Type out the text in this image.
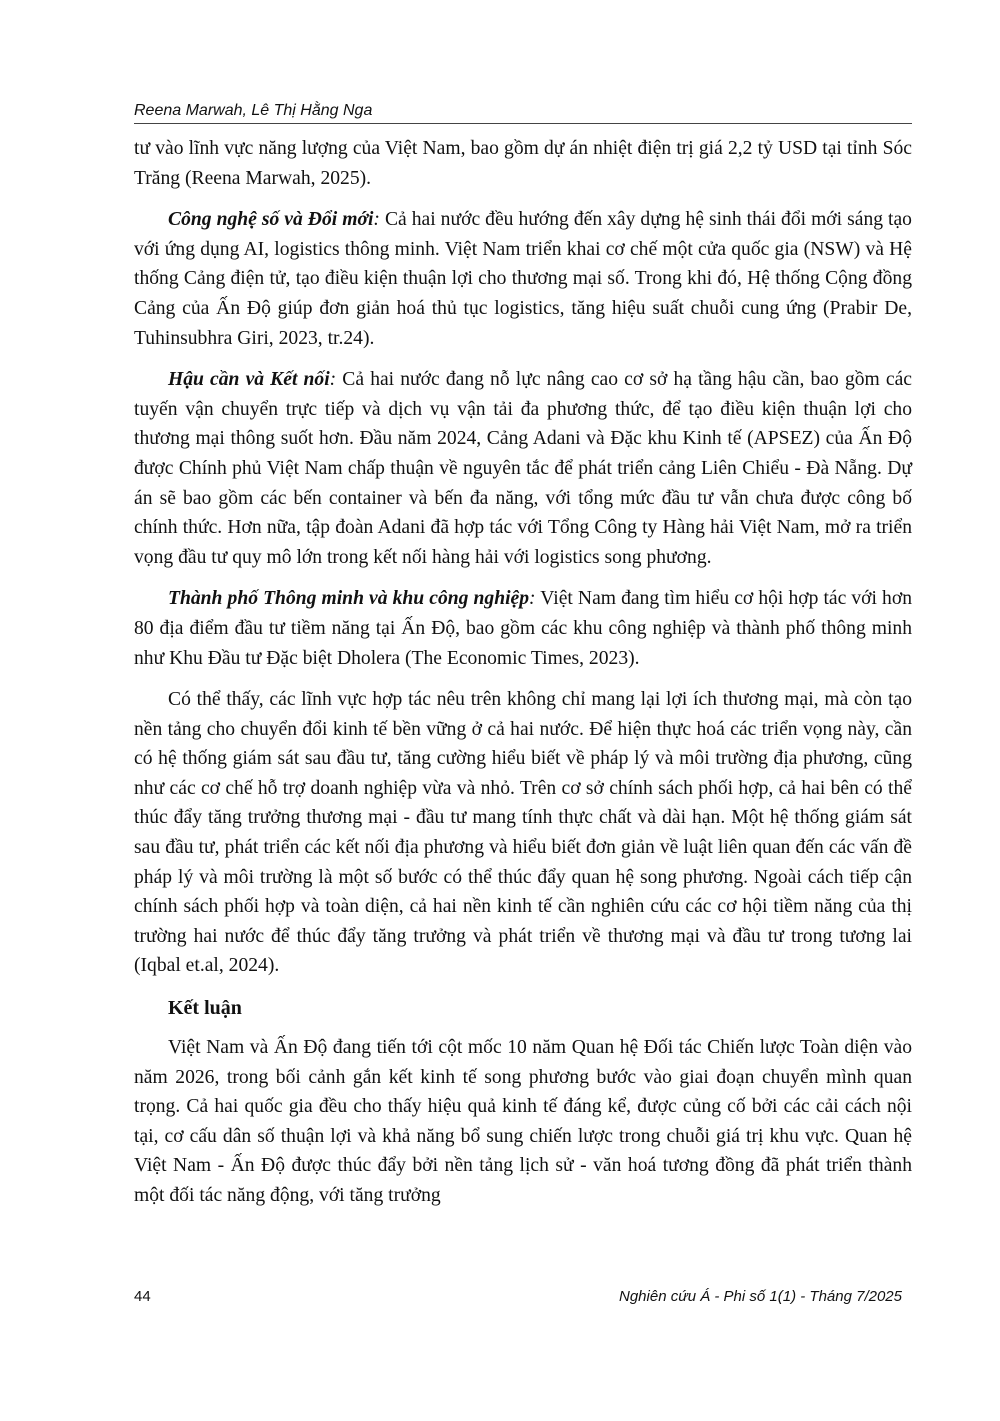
Reena Marwah, Lê Thị Hằng Nga

tư vào lĩnh vực năng lượng của Việt Nam, bao gồm dự án nhiệt điện trị giá 2,2 tỷ USD tại tỉnh Sóc Trăng (Reena Marwah, 2025).

Công nghệ số và Đổi mới: Cả hai nước đều hướng đến xây dựng hệ sinh thái đổi mới sáng tạo với ứng dụng AI, logistics thông minh. Việt Nam triển khai cơ chế một cửa quốc gia (NSW) và Hệ thống Cảng điện tử, tạo điều kiện thuận lợi cho thương mại số. Trong khi đó, Hệ thống Cộng đồng Cảng của Ấn Độ giúp đơn giản hoá thủ tục logistics, tăng hiệu suất chuỗi cung ứng (Prabir De, Tuhinsubhra Giri, 2023, tr.24).

Hậu cần và Kết nối: Cả hai nước đang nỗ lực nâng cao cơ sở hạ tầng hậu cần, bao gồm các tuyến vận chuyển trực tiếp và dịch vụ vận tải đa phương thức, để tạo điều kiện thuận lợi cho thương mại thông suốt hơn. Đầu năm 2024, Cảng Adani và Đặc khu Kinh tế (APSEZ) của Ấn Độ được Chính phủ Việt Nam chấp thuận về nguyên tắc để phát triển cảng Liên Chiểu - Đà Nẵng. Dự án sẽ bao gồm các bến container và bến đa năng, với tổng mức đầu tư vẫn chưa được công bố chính thức. Hơn nữa, tập đoàn Adani đã hợp tác với Tổng Công ty Hàng hải Việt Nam, mở ra triển vọng đầu tư quy mô lớn trong kết nối hàng hải với logistics song phương.

Thành phố Thông minh và khu công nghiệp: Việt Nam đang tìm hiểu cơ hội hợp tác với hơn 80 địa điểm đầu tư tiềm năng tại Ấn Độ, bao gồm các khu công nghiệp và thành phố thông minh như Khu Đầu tư Đặc biệt Dholera (The Economic Times, 2023).

Có thể thấy, các lĩnh vực hợp tác nêu trên không chỉ mang lại lợi ích thương mại, mà còn tạo nền tảng cho chuyển đổi kinh tế bền vững ở cả hai nước. Để hiện thực hoá các triển vọng này, cần có hệ thống giám sát sau đầu tư, tăng cường hiểu biết về pháp lý và môi trường địa phương, cũng như các cơ chế hỗ trợ doanh nghiệp vừa và nhỏ. Trên cơ sở chính sách phối hợp, cả hai bên có thể thúc đẩy tăng trưởng thương mại - đầu tư mang tính thực chất và dài hạn. Một hệ thống giám sát sau đầu tư, phát triển các kết nối địa phương và hiểu biết đơn giản về luật liên quan đến các vấn đề pháp lý và môi trường là một số bước có thể thúc đẩy quan hệ song phương. Ngoài cách tiếp cận chính sách phối hợp và toàn diện, cả hai nền kinh tế cần nghiên cứu các cơ hội tiềm năng của thị trường hai nước để thúc đẩy tăng trưởng và phát triển về thương mại và đầu tư trong tương lai (Iqbal et.al, 2024).

Kết luận

Việt Nam và Ấn Độ đang tiến tới cột mốc 10 năm Quan hệ Đối tác Chiến lược Toàn diện vào năm 2026, trong bối cảnh gắn kết kinh tế song phương bước vào giai đoạn chuyển mình quan trọng. Cả hai quốc gia đều cho thấy hiệu quả kinh tế đáng kể, được củng cố bởi các cải cách nội tại, cơ cấu dân số thuận lợi và khả năng bổ sung chiến lược trong chuỗi giá trị khu vực. Quan hệ Việt Nam - Ấn Độ được thúc đẩy bởi nền tảng lịch sử - văn hoá tương đồng đã phát triển thành một đối tác năng động, với tăng trưởng

44	Nghiên cứu Á - Phi số 1(1) - Tháng 7/2025
